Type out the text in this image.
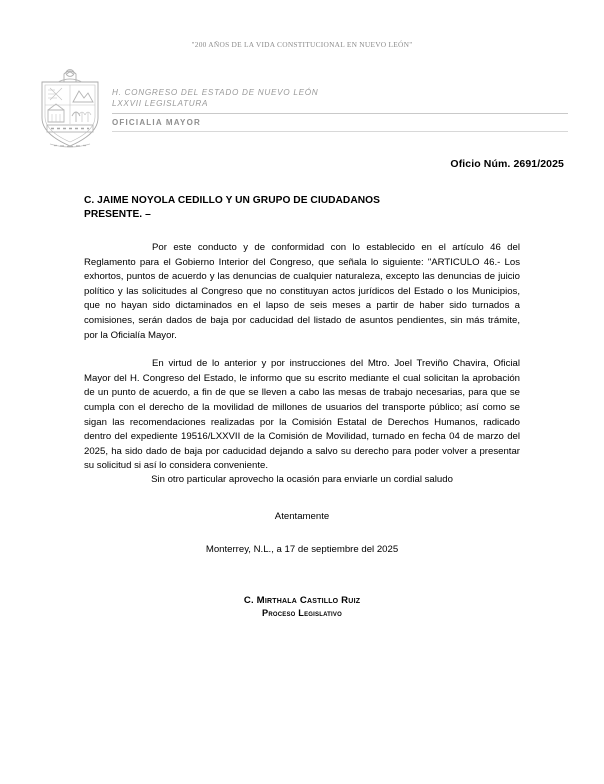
"200 AÑOS DE LA VIDA CONSTITUCIONAL EN NUEVO LEÓN"
H. CONGRESO DEL ESTADO DE NUEVO LEÓN
LXXVII LEGISLATURA
OFICIALIA MAYOR
Oficio Núm. 2691/2025
C. JAIME NOYOLA CEDILLO Y UN GRUPO DE CIUDADANOS
PRESENTE. –

Por este conducto y de conformidad con lo establecido en el artículo 46 del Reglamento para el Gobierno Interior del Congreso, que señala lo siguiente: "ARTICULO 46.- Los exhortos, puntos de acuerdo y las denuncias de cualquier naturaleza, excepto las denuncias de juicio político y las solicitudes al Congreso que no constituyan actos jurídicos del Estado o los Municipios, que no hayan sido dictaminados en el lapso de seis meses a partir de haber sido turnados a comisiones, serán dados de baja por caducidad del listado de asuntos pendientes, sin más trámite, por la Oficialía Mayor.

En virtud de lo anterior y por instrucciones del Mtro. Joel Treviño Chavira, Oficial Mayor del H. Congreso del Estado, le informo que su escrito mediante el cual solicitan la aprobación de un punto de acuerdo, a fin de que se lleven a cabo las mesas de trabajo necesarias, para que se cumpla con el derecho de la movilidad de millones de usuarios del transporte público; así como se sigan las recomendaciones realizadas por la Comisión Estatal de Derechos Humanos, radicado dentro del expediente 19516/LXXVII de la Comisión de Movilidad, turnado en fecha 04 de marzo del 2025, ha sido dado de baja por caducidad dejando a salvo su derecho para poder volver a presentar su solicitud si así lo considera conveniente.

Sin otro particular aprovecho la ocasión para enviarle un cordial saludo
Atentamente
Monterrey, N.L., a 17 de septiembre del 2025
C. Mirthala Castillo Ruiz
Proceso Legislativo
